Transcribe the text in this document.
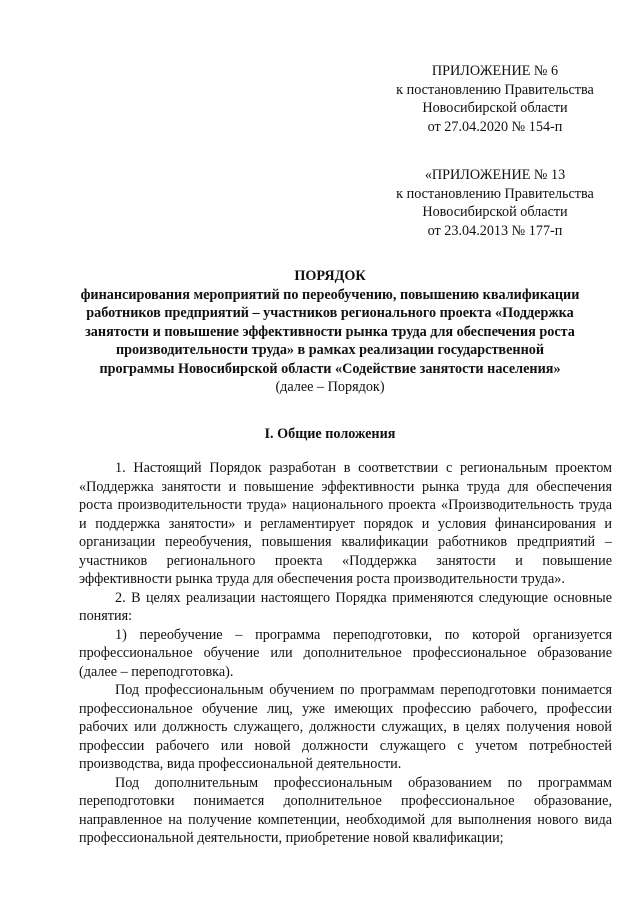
ПРИЛОЖЕНИЕ № 6
к постановлению Правительства
Новосибирской области
от 27.04.2020 № 154-п
«ПРИЛОЖЕНИЕ № 13
к постановлению Правительства
Новосибирской области
от 23.04.2013 № 177-п
ПОРЯДОК
финансирования мероприятий по переобучению, повышению квалификации
работников предприятий – участников регионального проекта «Поддержка
занятости и повышение эффективности рынка труда для обеспечения роста
производительности труда» в рамках реализации государственной
программы Новосибирской области «Содействие занятости населения»
(далее – Порядок)
I. Общие положения

1. Настоящий Порядок разработан в соответствии с региональным проектом «Поддержка занятости и повышение эффективности рынка труда для обеспечения роста производительности труда» национального проекта «Производительность труда и поддержка занятости» и регламентирует порядок и условия финансирования и организации переобучения, повышения квалификации работников предприятий – участников регионального проекта «Поддержка занятости и повышение эффективности рынка труда для обеспечения роста производительности труда».

2. В целях реализации настоящего Порядка применяются следующие основные понятия:

1) переобучение – программа переподготовки, по которой организуется профессиональное обучение или дополнительное профессиональное образование (далее – переподготовка).

Под профессиональным обучением по программам переподготовки понимается профессиональное обучение лиц, уже имеющих профессию рабочего, профессии рабочих или должность служащего, должности служащих, в целях получения новой профессии рабочего или новой должности служащего с учетом потребностей производства, вида профессиональной деятельности.

Под дополнительным профессиональным образованием по программам переподготовки понимается дополнительное профессиональное образование, направленное на получение компетенции, необходимой для выполнения нового вида профессиональной деятельности, приобретение новой квалификации;
